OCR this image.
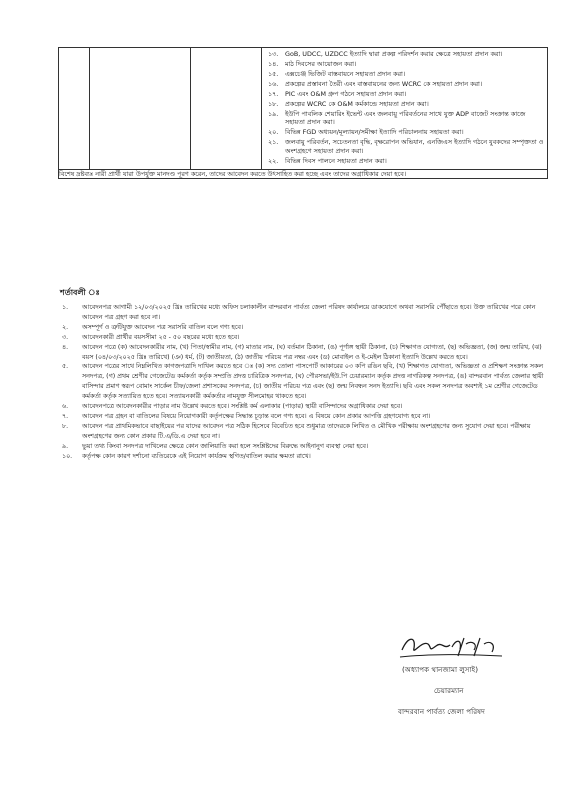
১৩. GoB, UDCC, UZDCC ইত্যাদি দ্বারা প্রকল্প পরিদর্শন করার ক্ষেত্রে সহায়তা প্রদান করা।
১৪. মাঠ দিবসের আয়োজন করা।
১৫. এক্সচেঞ্জ ভিজিট বাস্তবায়নে সহায়তা প্রদান করা।
১৬. প্রকল্পের প্রস্তাবনা তৈরী এবং বাস্তবায়নের জন্য WCRC কে সহায়তা প্রদান করা।
১৭. PIC এবং O&M গ্রুপ গঠনে সহায়তা প্রদান করা।
১৮. প্রকল্পের WCRC কে O&M কর্মকান্ডে সহায়তা প্রদান করা।
১৯. ইউপি পাবলিক শেয়ারিং ইভেন্ট এবং জলবায়ু পরিবর্তনের সাথে যুক্ত ADP বাজেট সংক্রান্ত কাজে সহায়তা প্রদান করা।
২০. বিভিন্ন FGD অধ্যয়ন/মূল্যায়ন/সমীক্ষা ইত্যাদি পরিচালনায় সহায়তা করা।
২১. জলবায়ু পরিবর্তন, সচেতনতা বৃদ্ধি, বৃক্ষরোপন অভিযান, এনজিএস ইত্যাদি গঠনে যুবকদের সম্পৃক্ততা ও অংশগ্রহণে সহায়তা প্রদান করা।
২২. বিভিন্ন দিবস পালনে সহায়তা প্রদান করা।

বিশেষ দ্রষ্টব্যঃ নারী প্রার্থী যারা উপর্যুক্ত মানদণ্ড পূরণ করেন, তাদের আবেদন করতে উৎসাহিত করা হচ্ছে এবং তাদের অগ্রাধিকার দেয়া হবে।
শর্তাবলী ঃ
১.	আবেদনপত্র আগামী ১২/০৩/২০২৫ খ্রিঃ তারিখের মধ্যে অফিস চলাকালীন বান্দরবান পার্বত্য জেলা পরিষদ কার্যালয়ে ডাকযোগে অথবা সরাসরি পৌঁছাতে হবে। উক্ত তারিখের পরে কোন আবেদন পত্র গ্রহণ করা হবে না।
২.	অসম্পূর্ণ ও ত্রুটিযুক্ত আবেদন পত্র সরাসরি বাতিল বলে গণ্য হবে।
৩.	আবেদনকারী প্রার্থীর বয়সসীমা ২৫ - ৫০ বছরের মধ্যে হতে হবে।
৪.	আবেদন পত্রে (ক) আবেদনকারীর নাম, (খ) পিতা/স্বামীর নাম, (গ) মাতার নাম, (ঘ) বর্তমান ঠিকানা, (ঙ) পূর্ণাঙ্গ স্থায়ী ঠিকানা, (চ) শিক্ষাগত যোগ্যতা, (ছ) অভিজ্ঞতা, (জ) জন্ম তারিখ, (ঝ) বয়স (০৪/০৩/২০২৫ খ্রিঃ তারিখে) (ঞ) ধর্ম, (ট) জাতীয়তা, (ঠ) জাতীয় পরিচয় পত্র নম্বর এবং (ড) মোবাইল ও ই-মেইল ঠিকানা ইত্যাদি উল্লেখ করতে হবে।
৫.	আবেদন পত্রের সাথে নিম্নলিখিত কাগজপত্রাদি দাখিল করতে হবে ঃ (ক) সদ্য তোলা পাসপোর্ট আকারের ০৩ কপি রঙিন ছবি, (খ) শিক্ষাগত যোগ্যতা, অভিজ্ঞতা ও প্রশিক্ষণ সংক্রান্ত সকল সনদপত্র, (গ) প্রথম শ্রেণীর গেজেটেড কর্মকর্তা কর্তৃক সম্প্রতি প্রদত্ত চারিত্রিক সনদপত্র, (ঘ) পৌরসভা/ইউ.পি চেয়ারম্যান কর্তৃক প্রদত্ত নাগরিকত্ব সনদপত্র, (ঙ) বান্দরবান পার্বত্য জেলার স্থায়ী বাসিন্দার প্রমাণ স্বরূপ বোমাং সার্কেল চীফ/জেলা প্রশাসকের সনদপত্র, (চ) জাতীয় পরিচয় পত্র এবং (ছ) জন্ম নিবন্ধন সনদ ইত্যাদি। ছবি এবং সকল সনদপত্র অবশ্যই ১ম শ্রেণীর গেজেটেড কর্মকর্তা কর্তৃক সত্যায়িত হতে হবে। সত্যায়নকারী কর্মকর্তার নামযুক্ত সীলমোহর থাকতে হবে।
৬.	আবেদনপত্রে আবেদনকারীর পাড়ার নাম উল্লেখ করতে হবে। সংশ্লিষ্ট কর্ম এলাকার (পাড়ার) স্থায়ী বাসিন্দাদের অগ্রাধিকার দেয়া হবে।
৭.	আবেদন পত্র গ্রহন বা বাতিলের বিষয়ে নিয়োগকারী কর্তৃপক্ষের সিদ্ধান্ত চূড়ান্ত বলে গণ্য হবে। এ বিষয়ে কোন প্রকার আপত্তি গ্রহণযোগ্য হবে না।
৮.	আবেদন পত্র প্রাথমিকভাবে বাছাইয়ের পর যাদের আবেদন পত্র সঠিক হিসেবে বিবেচিত হবে শুধুমাত্র তাদেরকে লিখিত ও মৌখিক পরীক্ষায় অংশগ্রহণের জন্য সুযোগ দেয়া হবে। পরীক্ষায় অংশগ্রহণের জন্য কোন প্রকার টি.এ/ডি.এ দেয়া হবে না।
৯.	ভুয়া তথ্য কিংবা সনদপত্র দাখিলের ক্ষেত্রে কোন জালিয়াতি করা হলে সংশ্লিষ্টদের বিরুদ্ধে আইনানুগ ব্যবস্থা নেয়া হবে।
১০.	কর্তৃপক্ষ কোন কারণ দর্শানো ব্যতিরেকে এই নিয়োগ কার্যক্রম স্থগিত/বাতিল করার ক্ষমতা রাখে।
(অধ্যাপক থানজামা লুসাই)
চেয়ারম্যান
বান্দরবান পার্বত্য জেলা পরিষদ
